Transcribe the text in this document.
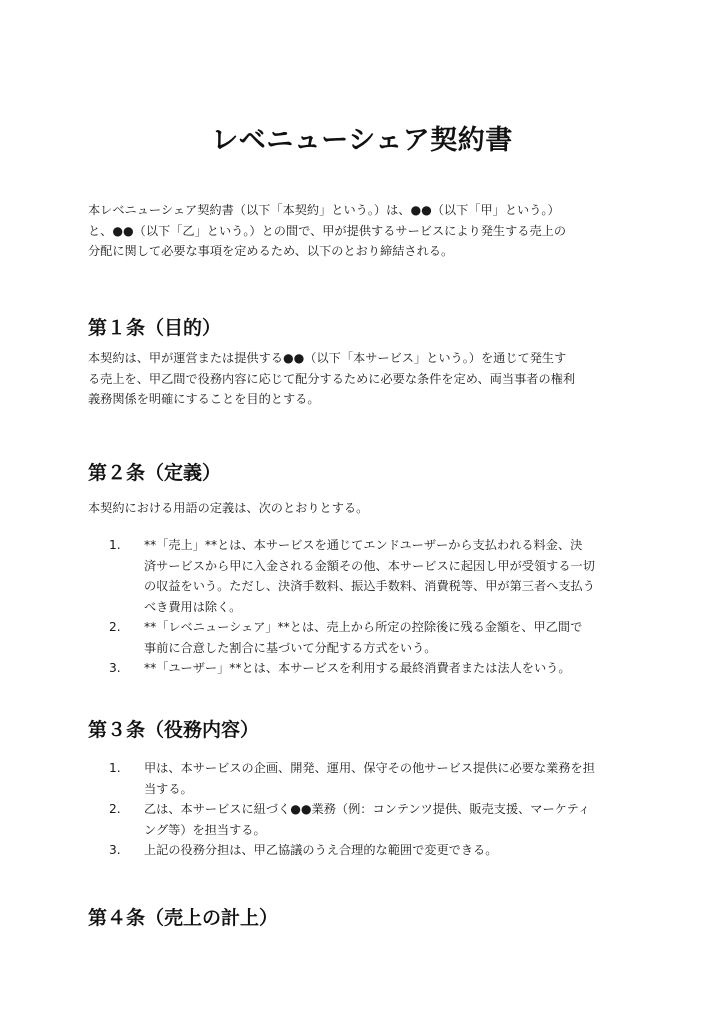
レベニューシェア契約書
本レベニューシェア契約書（以下「本契約」という。）は、●●（以下「甲」という。）
と、●●（以下「乙」という。）との間で、甲が提供するサービスにより発生する売上の
分配に関して必要な事項を定めるため、以下のとおり締結される。
第１条（目的）
本契約は、甲が運営または提供する●●（以下「本サービス」という。）を通じて発生す
る売上を、甲乙間で役務内容に応じて配分するために必要な条件を定め、両当事者の権利
義務関係を明確にすることを目的とする。
第２条（定義）
本契約における用語の定義は、次のとおりとする。
1. **「売上」**とは、本サービスを通じてエンドユーザーから支払われる料金、決
済サービスから甲に入金される金額その他、本サービスに起因し甲が受領する一切
の収益をいう。ただし、決済手数料、振込手数料、消費税等、甲が第三者へ支払う
べき費用は除く。
2. **「レベニューシェア」**とは、売上から所定の控除後に残る金額を、甲乙間で
事前に合意した割合に基づいて分配する方式をいう。
3. **「ユーザー」**とは、本サービスを利用する最終消費者または法人をいう。
第３条（役務内容）
1. 甲は、本サービスの企画、開発、運用、保守その他サービス提供に必要な業務を担
当する。
2. 乙は、本サービスに紐づく●●業務（例：コンテンツ提供、販売支援、マーケティ
ング等）を担当する。
3. 上記の役務分担は、甲乙協議のうえ合理的な範囲で変更できる。
第４条（売上の計上）
